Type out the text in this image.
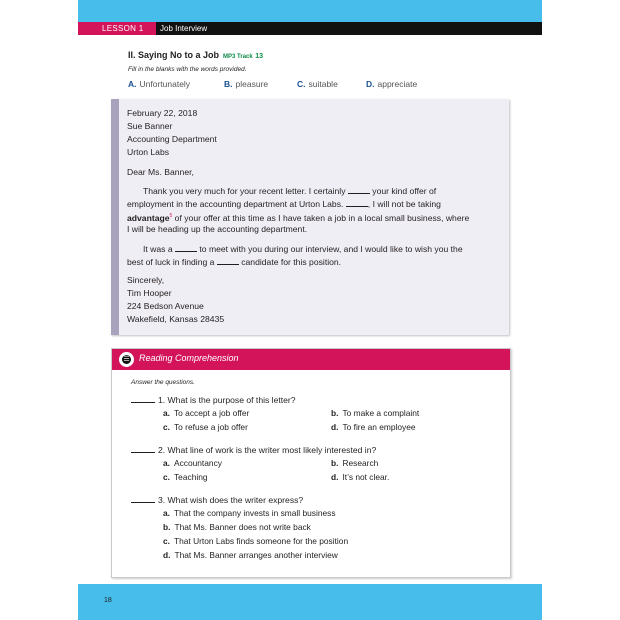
LESSON 1	Job Interview
II. Saying No to a Job MP3 Track 13
Fill in the blanks with the words provided.
A. Unfortunately	B. pleasure	C. suitable	D. appreciate
February 22, 2018
Sue Banner
Accounting Department
Urton Labs
Dear Ms. Banner,
Thank you very much for your recent letter. I certainly	your kind offer of
employment in the accounting department at Urton Labs.	, I will not be taking
advantage$^5$ of your offer at this time as I have taken a job in a local small business, where
I will be heading up the accounting department.
It was a	to meet with you during our interview, and I would like to wish you the
best of luck in finding a	candidate for this position.
Sincerely,
Tim Hooper
224 Bedson Avenue
Wakefield, Kansas 28435
☰ Reading Comprehension
Answer the questions.
1. What is the purpose of this letter?
a. To accept a job offer	b. To make a complaint
c. To refuse a job offer	d. To fire an employee
2. What line of work is the writer most likely interested in?
a. Accountancy	b. Research
c. Teaching	d. It’s not clear.
3. What wish does the writer express?
a. That the company invests in small business
b. That Ms. Banner does not write back
c. That Urton Labs finds someone for the position
d. That Ms. Banner arranges another interview
18
